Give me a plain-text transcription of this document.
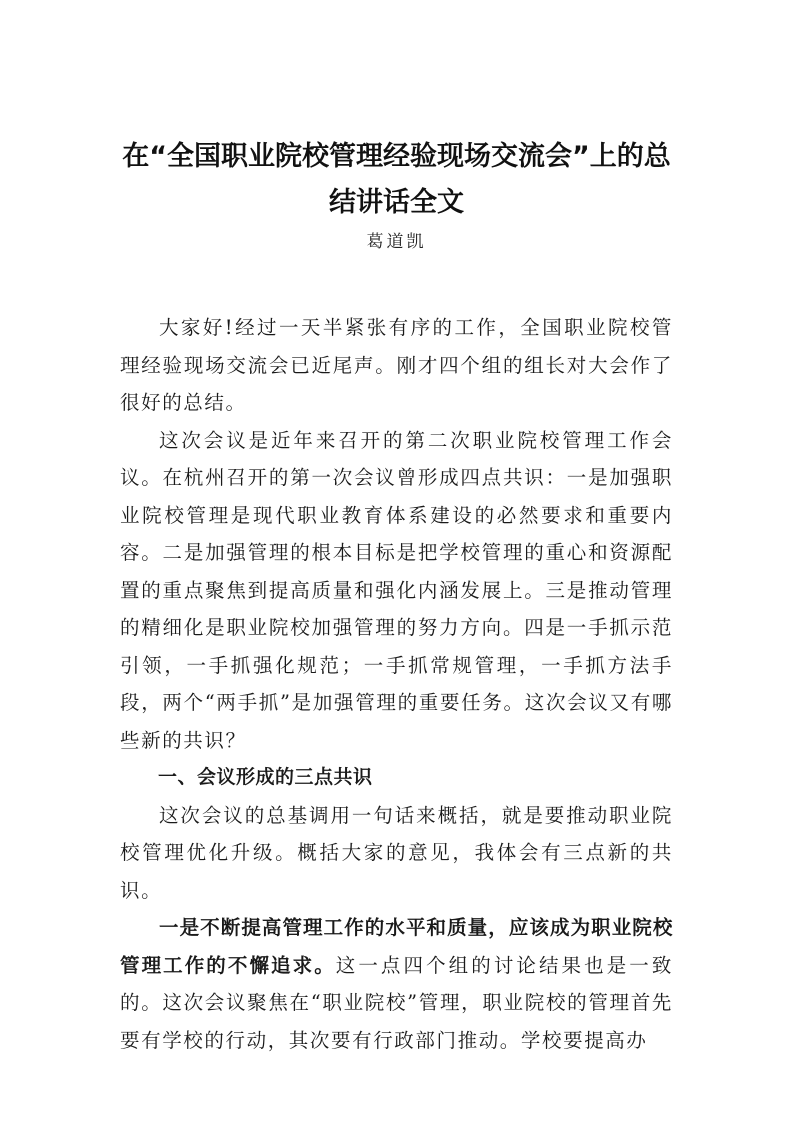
在“全国职业院校管理经验现场交流会”上的总结讲话全文
葛道凯

大家好!经过一天半紧张有序的工作，全国职业院校管理经验现场交流会已近尾声。刚才四个组的组长对大会作了很好的总结。

这次会议是近年来召开的第二次职业院校管理工作会议。在杭州召开的第一次会议曾形成四点共识：一是加强职业院校管理是现代职业教育体系建设的必然要求和重要内容。二是加强管理的根本目标是把学校管理的重心和资源配置的重点聚焦到提高质量和强化内涵发展上。三是推动管理的精细化是职业院校加强管理的努力方向。四是一手抓示范引领，一手抓强化规范；一手抓常规管理，一手抓方法手段，两个“两手抓”是加强管理的重要任务。这次会议又有哪些新的共识？

一、会议形成的三点共识

这次会议的总基调用一句话来概括，就是要推动职业院校管理优化升级。概括大家的意见，我体会有三点新的共识。

一是不断提高管理工作的水平和质量，应该成为职业院校管理工作的不懈追求。这一点四个组的讨论结果也是一致的。这次会议聚焦在“职业院校”管理，职业院校的管理首先要有学校的行动，其次要有行政部门推动。学校要提高办
